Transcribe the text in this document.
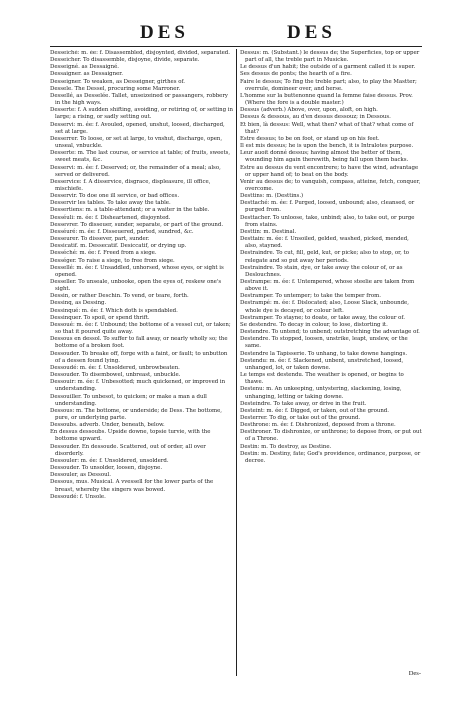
DES	DES

Desseiché: m. ée: f. Disassembled, disjoynted, divided, separated.

Desseicher. To disassemble, disjoyne, divide, separate.

Desseigné. as Dessaigné.

Dessaigner. as Dessaigner.

Desseigner. To weaken, as Desseigner, girthes of.

Dessele. The Dessel, procuring some Marroner.

Dessellé, as Desselée. Tallet, unseizeined or passangers, robbery in the high ways.

Desserte: f. A sudden shifting, avoiding, or retiring of, or setting in large; a rising, or sadly setting out.

Desservi: m. ée: f. Avouled, opened, unshut, loosed, discharged, set at large.

Desserrer. To loose, or set at large, to vnshut, discharge, open, unseal, vnbuckle.

Desserte: m. The last course, or service at table; of fruits, sweets, sweet meats, &c.

Desservi: m. ée: f. Deserved; or, the remainder of a meal; also, served or delivered.

Desservice: f. A disservice, disgrace, displeasure, ill office, mischiefe.

Desservir. To doe one ill service, or bad offices.

Desservir les tables. To take away the table.

Dessertiens: m. a table-attendant; or a waiter in the table.

Desséuli: m. ée: f. Disheartened, disjoynted.

Dessevrer. To disseuer, sunder, separate, or part of the ground.

Desséuré: m. ée: f. Disseuered, parted, sundred, &c.

Desseurer. To dissever, part, sunder.

Dessicatif. m. Dessecatif. Desiccatif, or drying up.

Desséché: m. ée: f. Freed from a siege.

Dességer. To raise a siege, to free from siege.

Dessellé: m. ée: f. Unsaddled, unhorsed, whose eyes, or sight is opened.

Desseller. To unseale, unbooke, open the eyes of, reskew one's sight.

Dessin, or rather Deschin. To vend, or teare, forth.

Dessinq, as Dessing.

Dessinqué: m. ée: f. Which doth is spendabled.

Dessinquer. To spoil, or spend thrift.

Dessoué: m. ée: f. Unbound; the bottome of a vessel cut, or taken; so that it poured quite away.

Dessous en dessol. To suffer to fall away, or nearly wholly so; the bottome of a broken foot.

Dessouder. To breake off, forge with a faint, or fault; to unbutton of a dessen found lying.

Dessoudé: m. ée: f. Unsoldered, unbrowbeaten.

Dessouder. To disembowel, unbreast, unbuckle.

Dessouir: m. ée: f. Unbesotted; much quickened, or improved in understanding.

Dessouiller. To unbesot, to quicken; or make a man a dull understanding.

Dessous: m. The bottome, or underside; de Dess. The bottome, pure, or underlying parte.

Dessoubs. adverb. Under, beneath, below.

En dessus dessoubs. Upside downe, topsie turvie, with the bottome upward.

Dessouder. En dessoude. Scattered, out of order, all over disorderly.

Dessouler: m. ée: f. Unsoldered, unsolderd.

Dessouder. To unsolder, loosen, disjoyne.

Dessouler, as Dessoul.

Dessous, mus. Musical. A vvessell for the lower parts of the breast, whereby the singers was bowed.

Dessoudé: f. Unsole.

Dessus: m. (Substant.) le dessus de; the Superficies, top or upper part of all, the treble part in Musicke.

Le dessus d'un habit; the outside of a garment called it is super.

Ses dessus de ponts; the hearth of a fire.

Faire le dessus; To fing the treble part; also, to play the Mastter; overrule, domineer over, and herse.

L'homme sur la buttenonne quand la femme faise dessus. Prov. (Where the fore is a double master.)

Dessus (adverb.) Above, over, upon, aloft, on high.

Dessus & dessous, au d'en dessus dessouz; in Dessous.

Et bien, là dessus: Well, what then? what of that? what come of that?

Estre dessus; to be on foot, or stand up on his feet.

Il est mis dessus; he is upon the bench, it is Intralotes purpose.

Leur auoit donné dessus; having almost the better of them, wounding him again therewith, being fall upon them backs.

Estre au dessus du vent encontrere; to have the wind, advantage or upper hand of; to beat on the body.

Venir au dessus de; to vanquish, compass, atteine, fetch, conquer, overcome.

Desttins: m. (Desttins.)

Desttaché: m. ée: f. Purged, loosed, unbound; also, cleansed, or purged from.

Desttacher. To unloose, take, unbind; also, to take out, or purge from stains.

Desttin: m. Destinal.

Desttain: m. ée: f. Unsoiled, gelded, washed, picked, mended, also, stayned.

Destraindre. To cut, fill, geld, kut, or picke; also to stop, or, to relegate and so put away her periods.

Destraindre. To stain, dye, or take away the colour of, or as Deslouchnes.

Destrampe: m. ée: f. Untempered, whose steelie are taken from above it.

Destramper. To untemper; to take the temper from.

Destrampé: m. ée: f. Dislocated; also, Loose Slack, unbounde, whole dye is decayed, or colour left.

Destramper. To stayne; to doate, or take away, the colour of.

Se destendre. To decay in colour, to lose, distorting it.

Destendre. To untend; to unbend; outstretching the advantage of.

Destendre. To stopped, loosen, unstrike, leapt, unslew, or the same.

Destendre la Tapisserie. To unhang, to take downe hangings.

Destendu: m. ée: f. Slackened, unbent, unstretched, loosed, unhanged, lot, or taken downe.

Le temps est destendu. The weather is opened, or begins to thawe.

Destenu: m. An unkeeping, untystering, slackening, losing, unhanging, letting or taking downe.

Desteindre. To take away, or drive in the fruit.

Desteint: m. ée: f. Digged, or taken, out of the ground.

Desterrer. To dig, or take out of the ground.

Desthrone: m. ée: f. Dishronized, deposed from a throne.

Desthroner. To dishronize, or unthrone; to depose from, or put out of a Throne.

Destin: m. To destroy, as Destine.

Destin: m. Destiny, fate; God's providence, ordinance, purpose, or decree.

Des-
